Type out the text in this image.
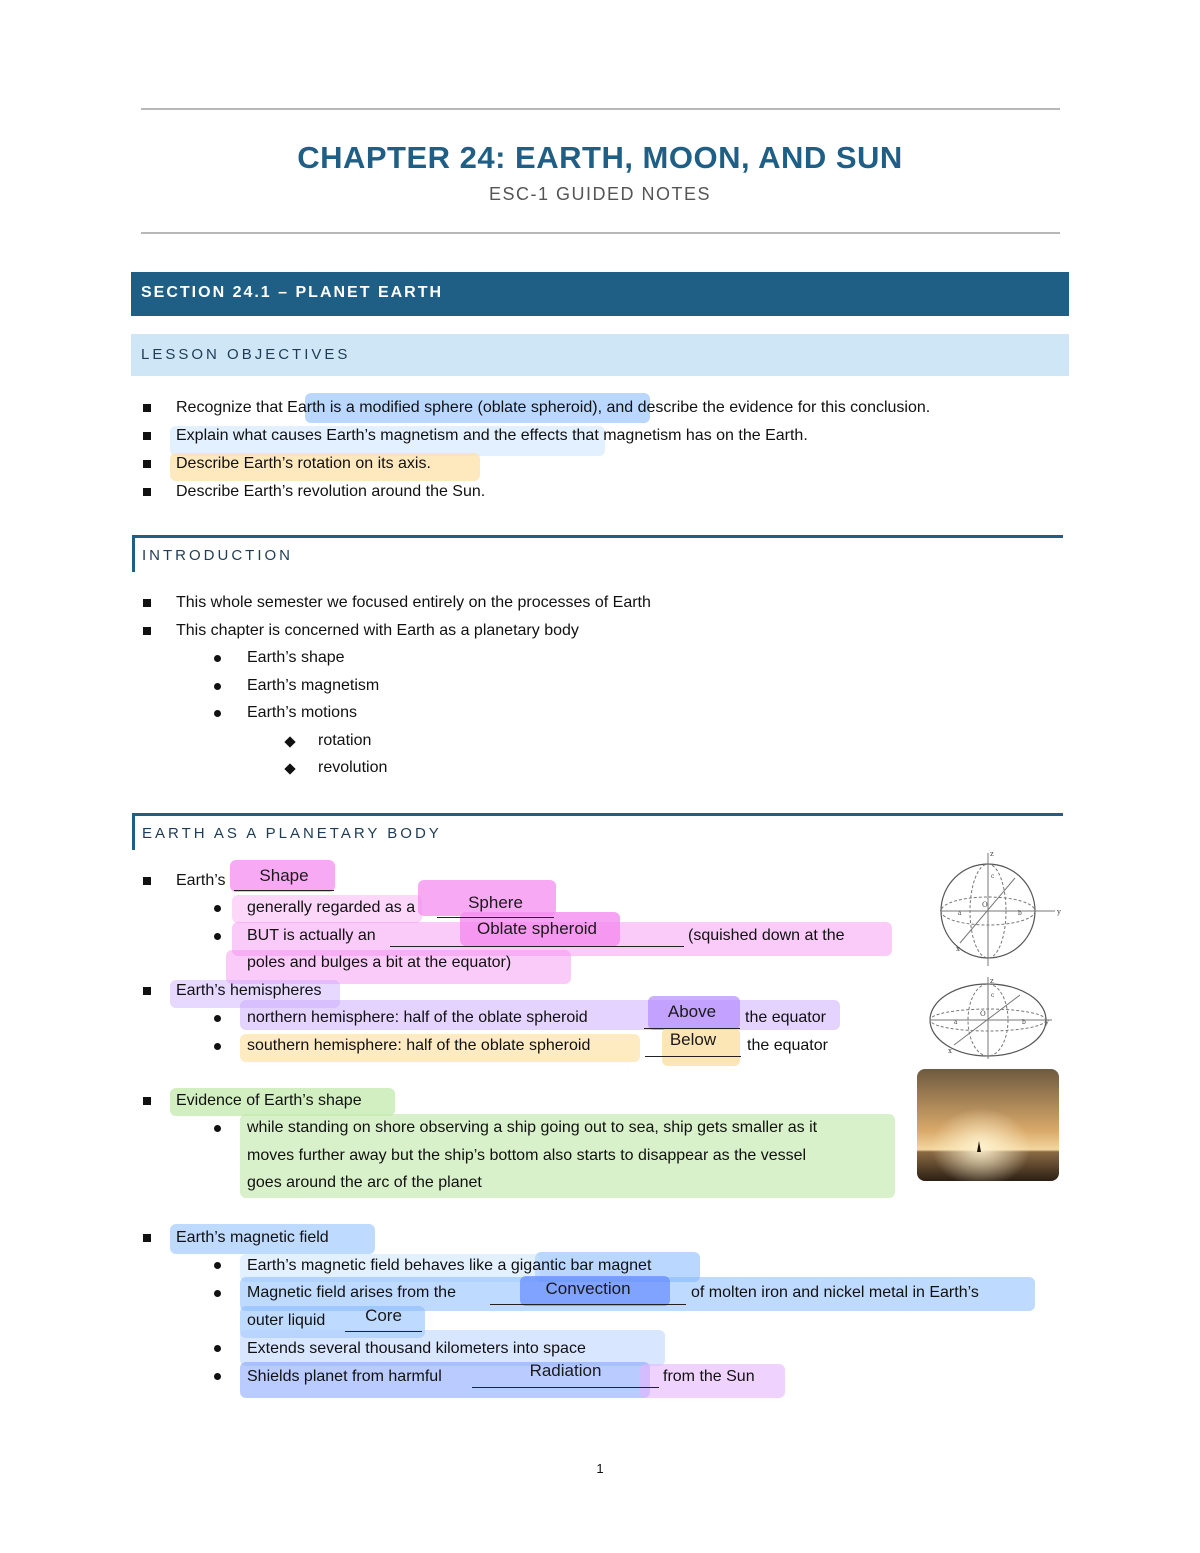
CHAPTER 24: EARTH, MOON, AND SUN
ESC-1 GUIDED NOTES
SECTION 24.1 – PLANET EARTH
LESSON OBJECTIVES
Recognize that Earth is a modified sphere (oblate spheroid), and describe the evidence for this conclusion.
Explain what causes Earth’s magnetism and the effects that magnetism has on the Earth.
Describe Earth’s rotation on its axis.
Describe Earth’s revolution around the Sun.
INTRODUCTION
This whole semester we focused entirely on the processes of Earth
This chapter is concerned with Earth as a planetary body
Earth’s shape
Earth’s magnetism
Earth’s motions
rotation
revolution
EARTH AS A PLANETARY BODY
Earth’s	Shape
generally regarded as a	Sphere
BUT is actually an	Oblate spheroid	(squished down at the
poles and bulges a bit at the equator)
Earth’s hemispheres
northern hemisphere: half of the oblate spheroid	Above	the equator
southern hemisphere: half of the oblate spheroid	Below	the equator
Evidence of Earth’s shape
while standing on shore observing a ship going out to sea, ship gets smaller as it
moves further away but the ship’s bottom also starts to disappear as the vessel
goes around the arc of the planet
Earth’s magnetic field
Earth’s magnetic field behaves like a gigantic bar magnet
Magnetic field arises from the	Convection	of molten iron and nickel metal in Earth’s
outer liquid	Core
Extends several thousand kilometers into space
Shields planet from harmful	Radiation	from the Sun
z
y
x
O
a	b
c
z
y
x
O
a	b
c
1
